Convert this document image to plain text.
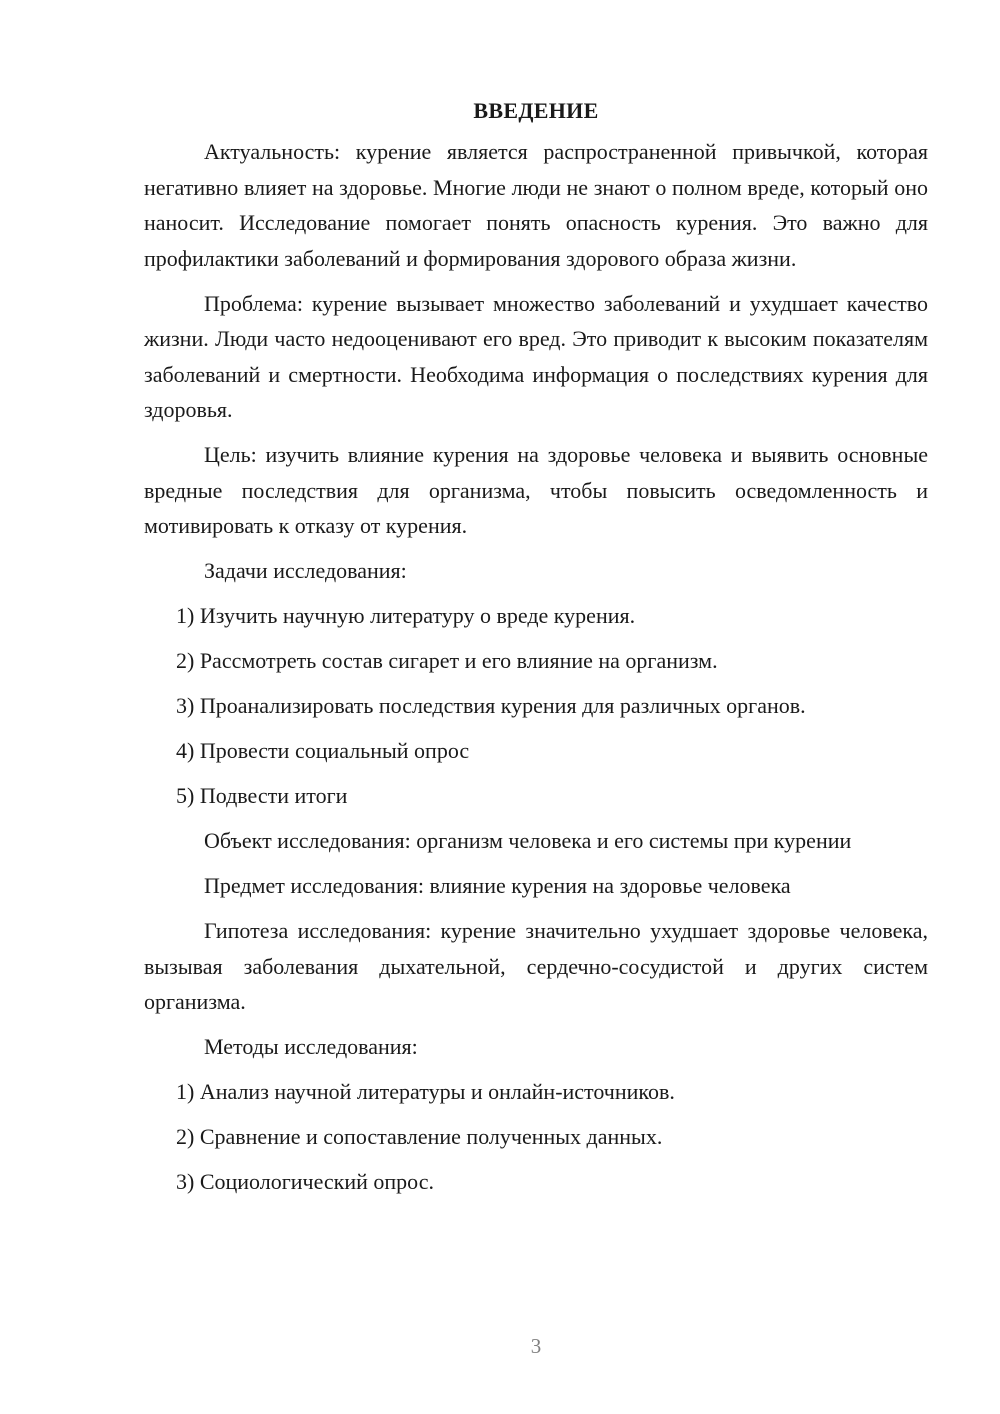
ВВЕДЕНИЕ

Актуальность: курение является распространенной привычкой, которая негативно влияет на здоровье. Многие люди не знают о полном вреде, который оно наносит. Исследование помогает понять опасность курения. Это важно для профилактики заболеваний и формирования здорового образа жизни.

Проблема: курение вызывает множество заболеваний и ухудшает качество жизни. Люди часто недооценивают его вред. Это приводит к высоким показателям заболеваний и смертности. Необходима информация о последствиях курения для здоровья.

Цель: изучить влияние курения на здоровье человека и выявить основные вредные последствия для организма, чтобы повысить осведомленность и мотивировать к отказу от курения.

Задачи исследования:
1) Изучить научную литературу о вреде курения.
2) Рассмотреть состав сигарет и его влияние на организм.
3) Проанализировать последствия курения для различных органов.
4) Провести социальный опрос
5) Подвести итоги

Объект исследования: организм человека и его системы при курении

Предмет исследования: влияние курения на здоровье человека

Гипотеза исследования: курение значительно ухудшает здоровье человека, вызывая заболевания дыхательной, сердечно-сосудистой и других систем организма.

Методы исследования:
1) Анализ научной литературы и онлайн-источников.
2) Сравнение и сопоставление полученных данных.
3) Социологический опрос.
3
